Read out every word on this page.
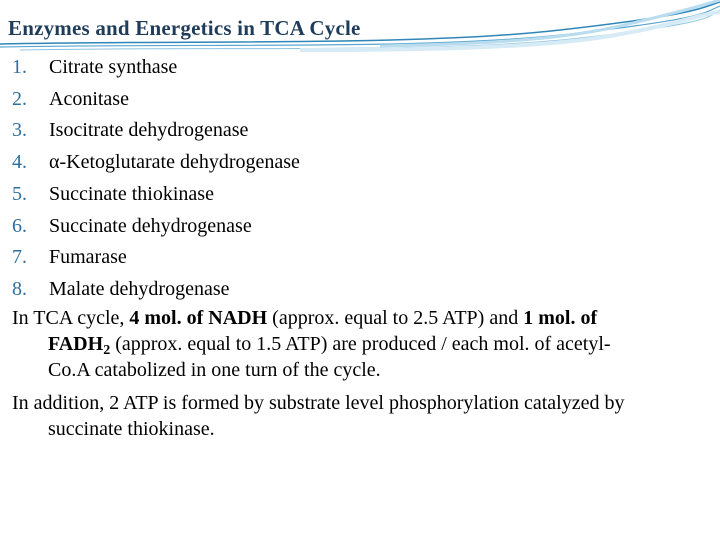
Enzymes and Energetics in TCA Cycle
1.	Citrate synthase
2.	Aconitase
3.	Isocitrate dehydrogenase
4.	α-Ketoglutarate dehydrogenase
5.	Succinate thiokinase
6.	Succinate dehydrogenase
7.	Fumarase
8.	Malate dehydrogenase

In TCA cycle, 4 mol. of NADH (approx. equal to 2.5 ATP) and 1 mol. of
$FADH_2$ (approx. equal to 1.5 ATP) are produced / each mol. of acetyl-
Co.A catabolized in one turn of the cycle.

In addition, 2 ATP is formed by substrate level phosphorylation catalyzed by
succinate thiokinase.
